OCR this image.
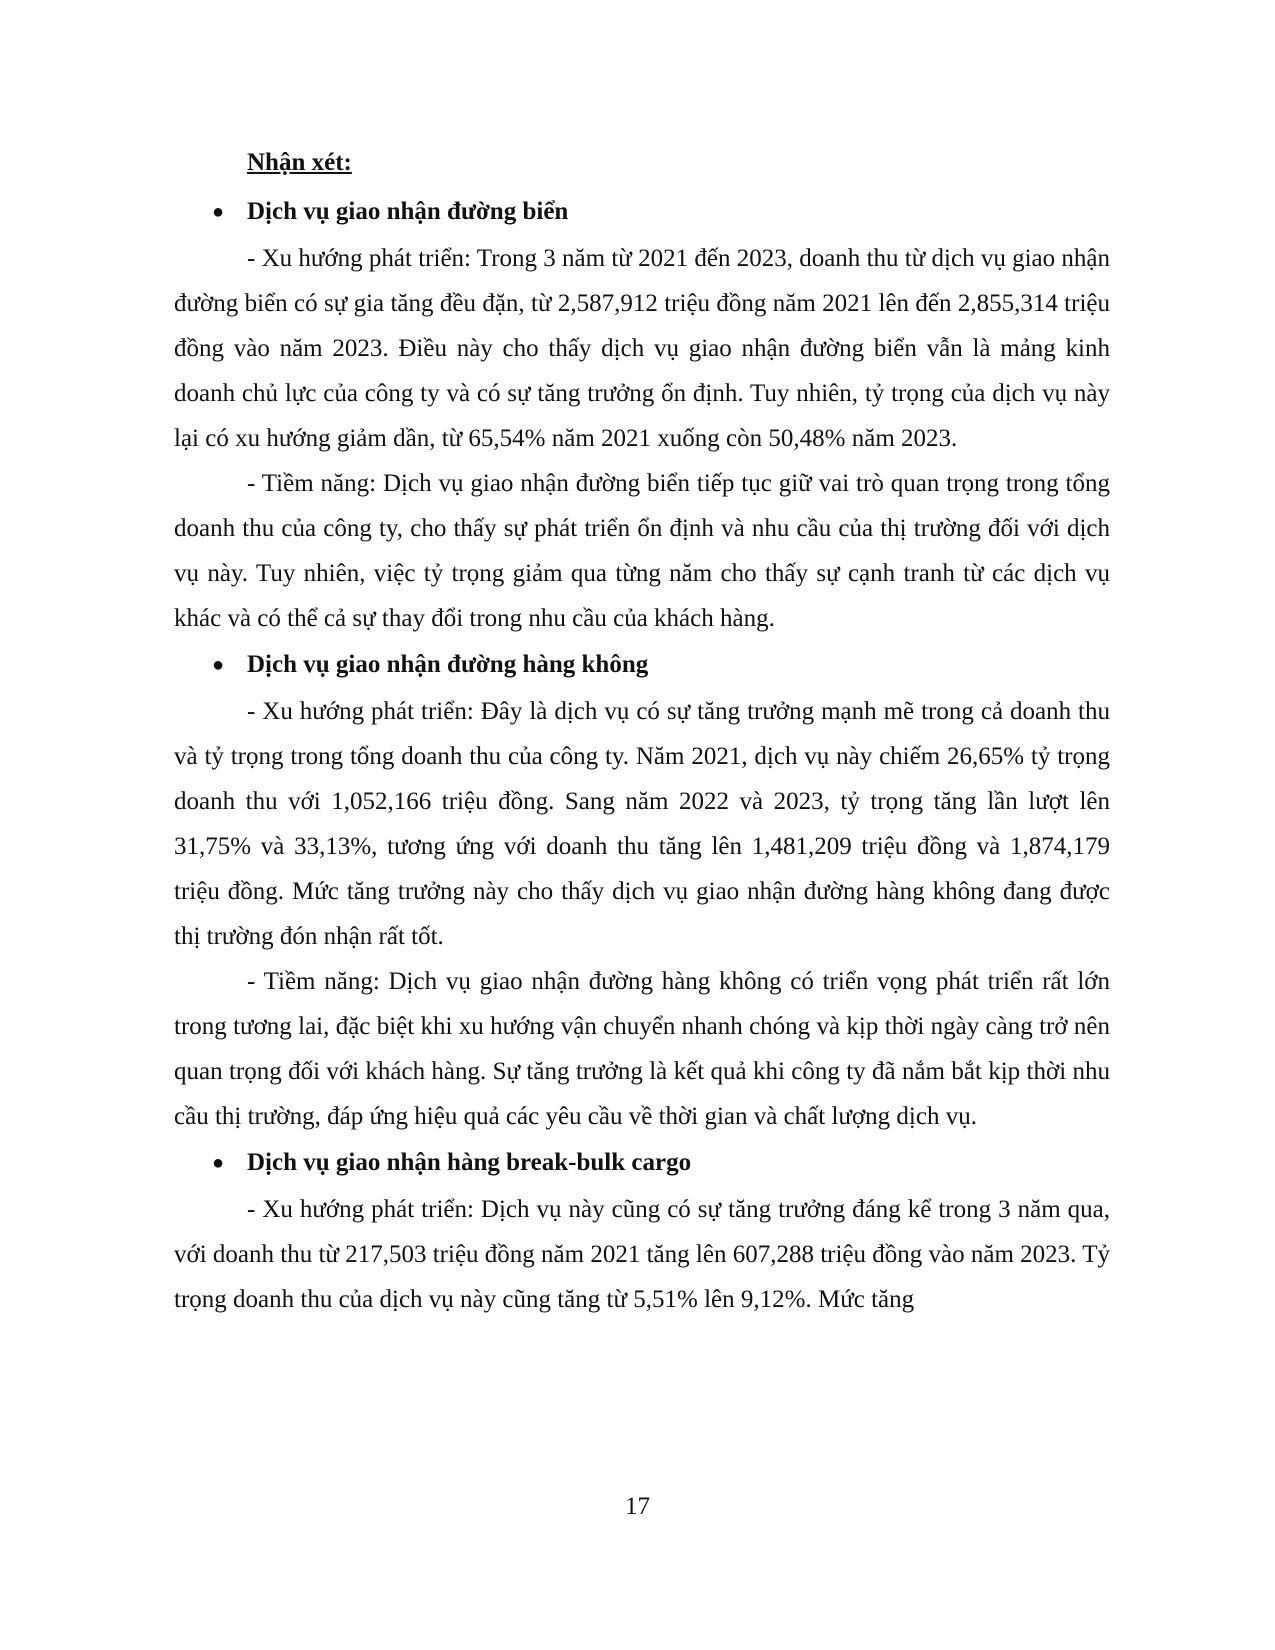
Nhận xét:
● Dịch vụ giao nhận đường biển

- Xu hướng phát triển: Trong 3 năm từ 2021 đến 2023, doanh thu từ dịch vụ giao nhận đường biển có sự gia tăng đều đặn, từ 2,587,912 triệu đồng năm 2021 lên đến 2,855,314 triệu đồng vào năm 2023. Điều này cho thấy dịch vụ giao nhận đường biển vẫn là mảng kinh doanh chủ lực của công ty và có sự tăng trưởng ổn định. Tuy nhiên, tỷ trọng của dịch vụ này lại có xu hướng giảm dần, từ 65,54% năm 2021 xuống còn 50,48% năm 2023.

- Tiềm năng: Dịch vụ giao nhận đường biển tiếp tục giữ vai trò quan trọng trong tổng doanh thu của công ty, cho thấy sự phát triển ổn định và nhu cầu của thị trường đối với dịch vụ này. Tuy nhiên, việc tỷ trọng giảm qua từng năm cho thấy sự cạnh tranh từ các dịch vụ khác và có thể cả sự thay đổi trong nhu cầu của khách hàng.

● Dịch vụ giao nhận đường hàng không

- Xu hướng phát triển: Đây là dịch vụ có sự tăng trưởng mạnh mẽ trong cả doanh thu và tỷ trọng trong tổng doanh thu của công ty. Năm 2021, dịch vụ này chiếm 26,65% tỷ trọng doanh thu với 1,052,166 triệu đồng. Sang năm 2022 và 2023, tỷ trọng tăng lần lượt lên 31,75% và 33,13%, tương ứng với doanh thu tăng lên 1,481,209 triệu đồng và 1,874,179 triệu đồng. Mức tăng trưởng này cho thấy dịch vụ giao nhận đường hàng không đang được thị trường đón nhận rất tốt.

- Tiềm năng: Dịch vụ giao nhận đường hàng không có triển vọng phát triển rất lớn trong tương lai, đặc biệt khi xu hướng vận chuyển nhanh chóng và kịp thời ngày càng trở nên quan trọng đối với khách hàng. Sự tăng trưởng là kết quả khi công ty đã nắm bắt kịp thời nhu cầu thị trường, đáp ứng hiệu quả các yêu cầu về thời gian và chất lượng dịch vụ.

● Dịch vụ giao nhận hàng break-bulk cargo

- Xu hướng phát triển: Dịch vụ này cũng có sự tăng trưởng đáng kể trong 3 năm qua, với doanh thu từ 217,503 triệu đồng năm 2021 tăng lên 607,288 triệu đồng vào năm 2023. Tỷ trọng doanh thu của dịch vụ này cũng tăng từ 5,51% lên 9,12%. Mức tăng

17
